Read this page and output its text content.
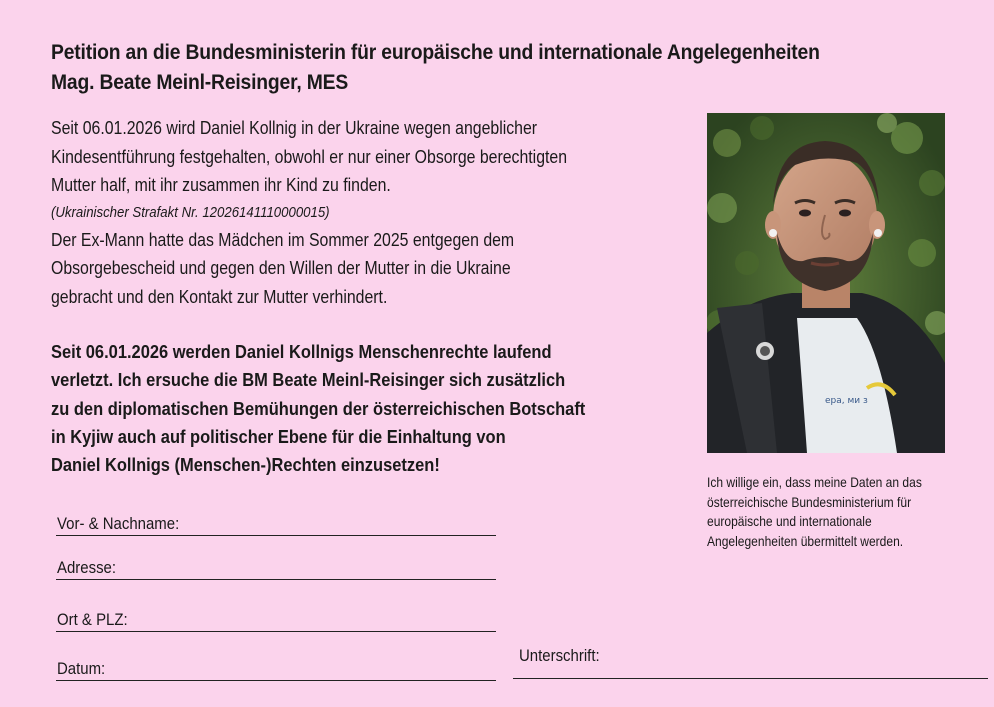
Petition an die Bundesministerin für europäische und internationale Angelegenheiten
Mag. Beate Meinl-Reisinger, MES
Seit 06.01.2026 wird Daniel Kollnig in der Ukraine wegen angeblicher
Kindesentführung festgehalten, obwohl er nur einer Obsorge berechtigten
Mutter half, mit ihr zusammen ihr Kind zu finden.
(Ukrainischer Strafakt Nr. 12026141110000015)
Der Ex-Mann hatte das Mädchen im Sommer 2025 entgegen dem
Obsorgebescheid und gegen den Willen der Mutter in die Ukraine
gebracht und den Kontakt zur Mutter verhindert.
Seit 06.01.2026 werden Daniel Kollnigs Menschenrechte laufend
verletzt. Ich ersuche die BM Beate Meinl-Reisinger sich zusätzlich
zu den diplomatischen Bemühungen der österreichischen Botschaft
in Kyjiw auch auf politischer Ebene für die Einhaltung von
Daniel Kollnigs (Menschen-)Rechten einzusetzen!
ера, ми з
Ich willige ein, dass meine Daten an das
österreichische Bundesministerium für
europäische und internationale
Angelegenheiten übermittelt werden.
Vor- & Nachname:
Adresse:
Ort & PLZ:
Datum:
Unterschrift:
